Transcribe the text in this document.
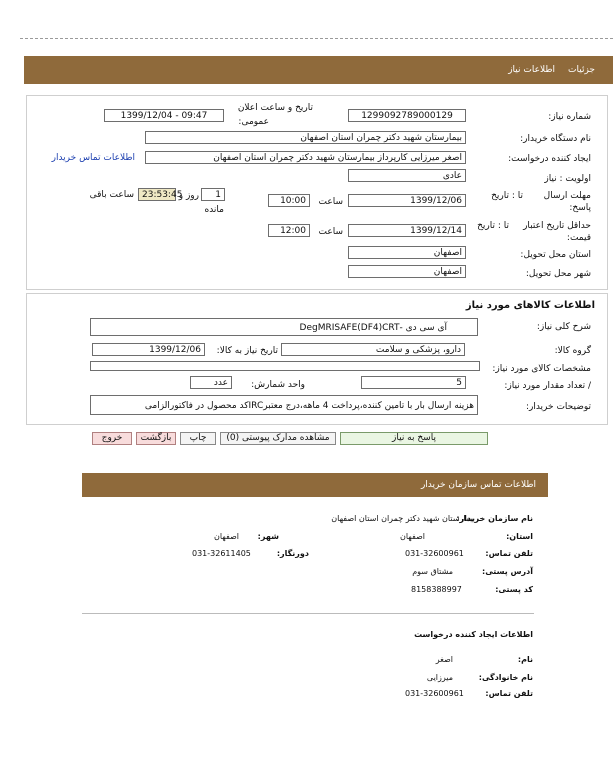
جزئیات
اطلاعات نیاز
شماره نیاز:
1299092789000129
تاریخ و ساعت اعلان
عمومی:
1399/12/04 - 09:47
نام دستگاه خریدار:
بیمارستان شهید دکتر چمران استان اصفهان
ایجاد کننده درخواست:
اصغر میرزایی کارپرداز بیمارستان شهید دکتر چمران استان اصفهان
اطلاعات تماس خریدار
اولویت : نیاز
عادی
مهلت ارسال
پاسخ:
تا : تاریخ
1399/12/06
ساعت
10:00
1
روز و
23:53:45
ساعت باقی
مانده
حداقل تاریخ اعتبار
قیمت:
تا : تاریخ
1399/12/14
ساعت
12:00
استان محل تحویل:
اصفهان
شهر محل تحویل:
اصفهان
اطلاعات کالاهای مورد نیاز
شرح کلی نیاز:
آی سی دی -DegMRISAFE(DF4)CRT
گروه کالا:
دارو، پزشکی و سلامت
تاریخ نیاز به کالا:
1399/12/06
مشخصات کالای مورد نیاز:
/ تعداد مقدار مورد نیاز:
5
واحد شمارش:
عدد
توضیحات خریدار:
هزینه ارسال بار با تامین کننده،پرداخت 4 ماهه،درج معتبرIRCکد محصول در فاکتورالزامی
پاسخ به نیاز
مشاهده مدارک پیوستی (0)
چاپ
بازگشت
خروج
اطلاعات تماس سازمان خریدار
نام سازمان خریدار:
بیمارستان شهید دکتر چمران استان اصفهان
استان:
اصفهان
شهر:
اصفهان
تلفن تماس:
031-32600961
دورنگار:
031-32611405
آدرس پستی:
مشتاق سوم
کد پستی:
8158388997
اطلاعات ایجاد کننده درخواست
نام:
اصغر
نام خانوادگی:
میرزایی
تلفن تماس:
031-32600961
